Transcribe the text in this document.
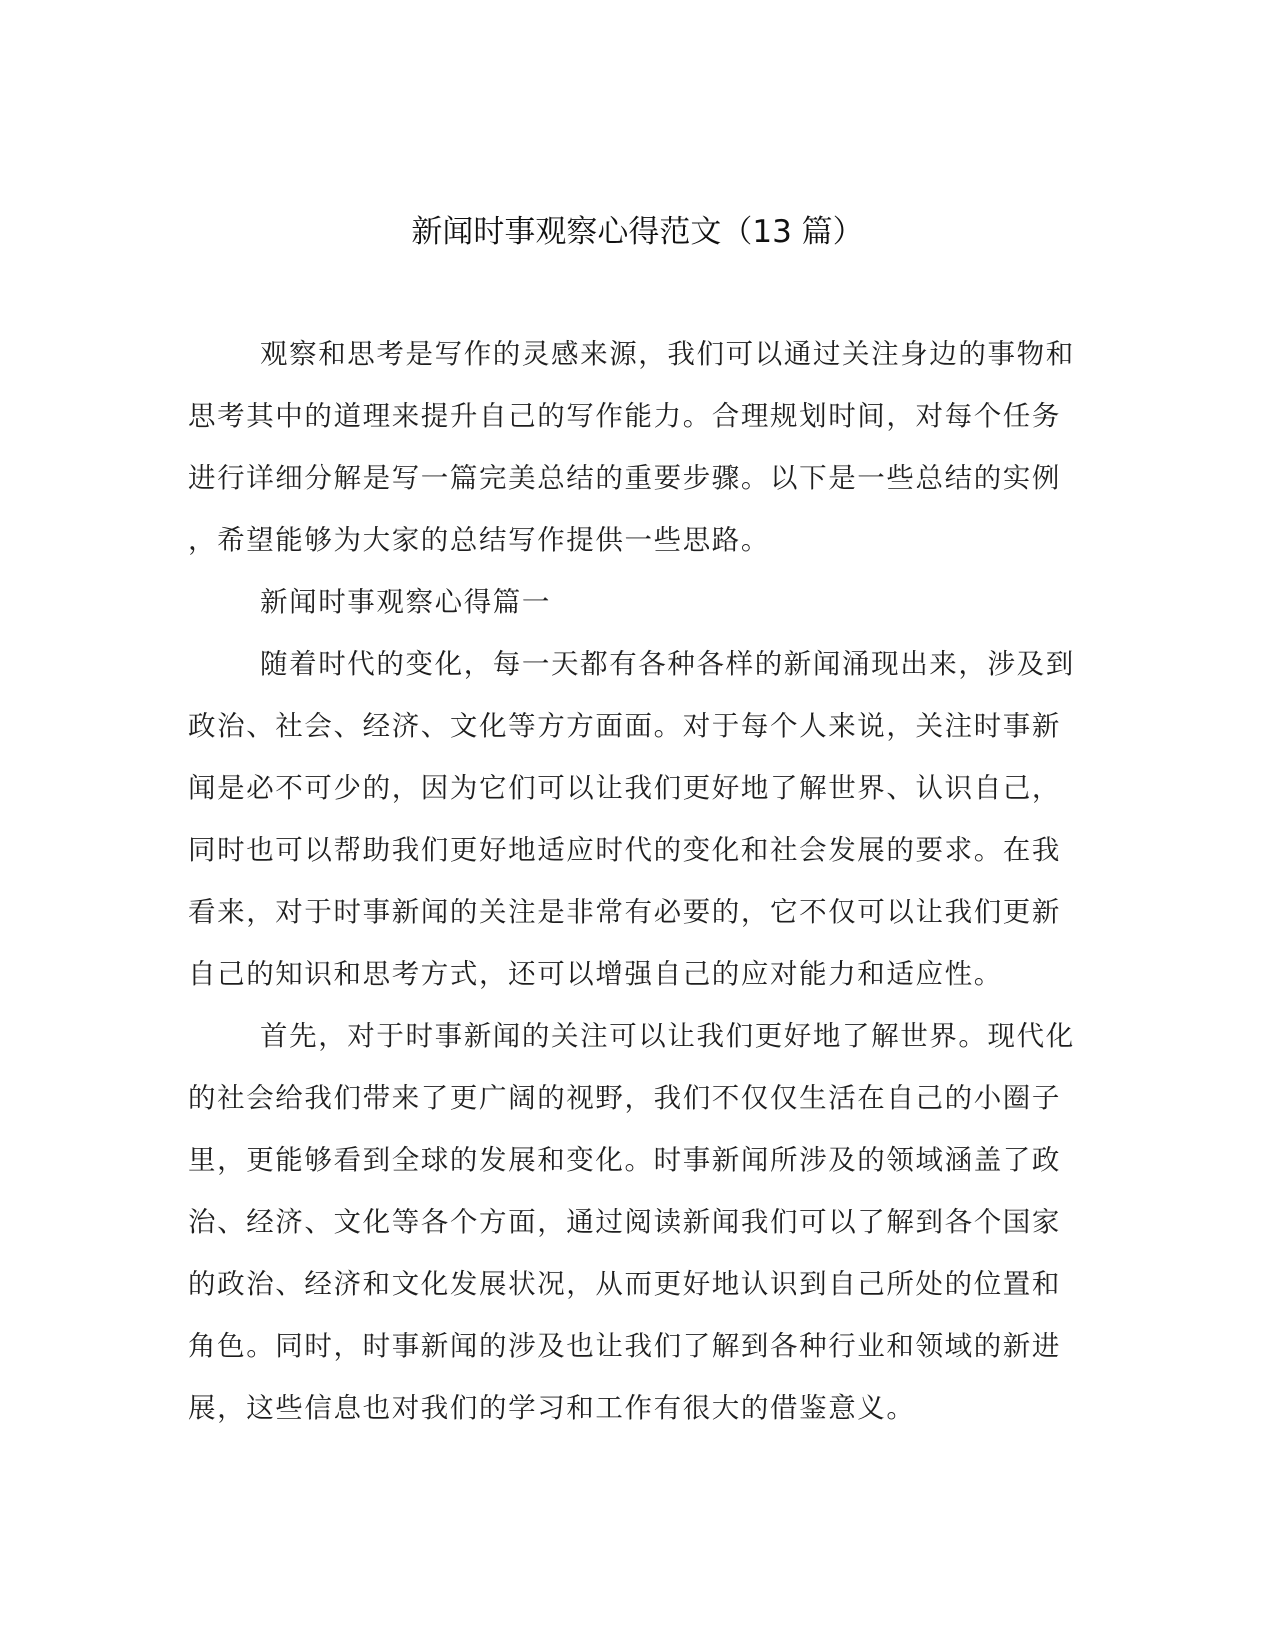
新闻时事观察心得范文（13 篇）
观察和思考是写作的灵感来源，我们可以通过关注身边的事物和
思考其中的道理来提升自己的写作能力。合理规划时间，对每个任务
进行详细分解是写一篇完美总结的重要步骤。以下是一些总结的实例
，希望能够为大家的总结写作提供一些思路。
新闻时事观察心得篇一
随着时代的变化，每一天都有各种各样的新闻涌现出来，涉及到
政治、社会、经济、文化等方方面面。对于每个人来说，关注时事新
闻是必不可少的，因为它们可以让我们更好地了解世界、认识自己，
同时也可以帮助我们更好地适应时代的变化和社会发展的要求。在我
看来，对于时事新闻的关注是非常有必要的，它不仅可以让我们更新
自己的知识和思考方式，还可以增强自己的应对能力和适应性。
首先，对于时事新闻的关注可以让我们更好地了解世界。现代化
的社会给我们带来了更广阔的视野，我们不仅仅生活在自己的小圈子
里，更能够看到全球的发展和变化。时事新闻所涉及的领域涵盖了政
治、经济、文化等各个方面，通过阅读新闻我们可以了解到各个国家
的政治、经济和文化发展状况，从而更好地认识到自己所处的位置和
角色。同时，时事新闻的涉及也让我们了解到各种行业和领域的新进
展，这些信息也对我们的学习和工作有很大的借鉴意义。
